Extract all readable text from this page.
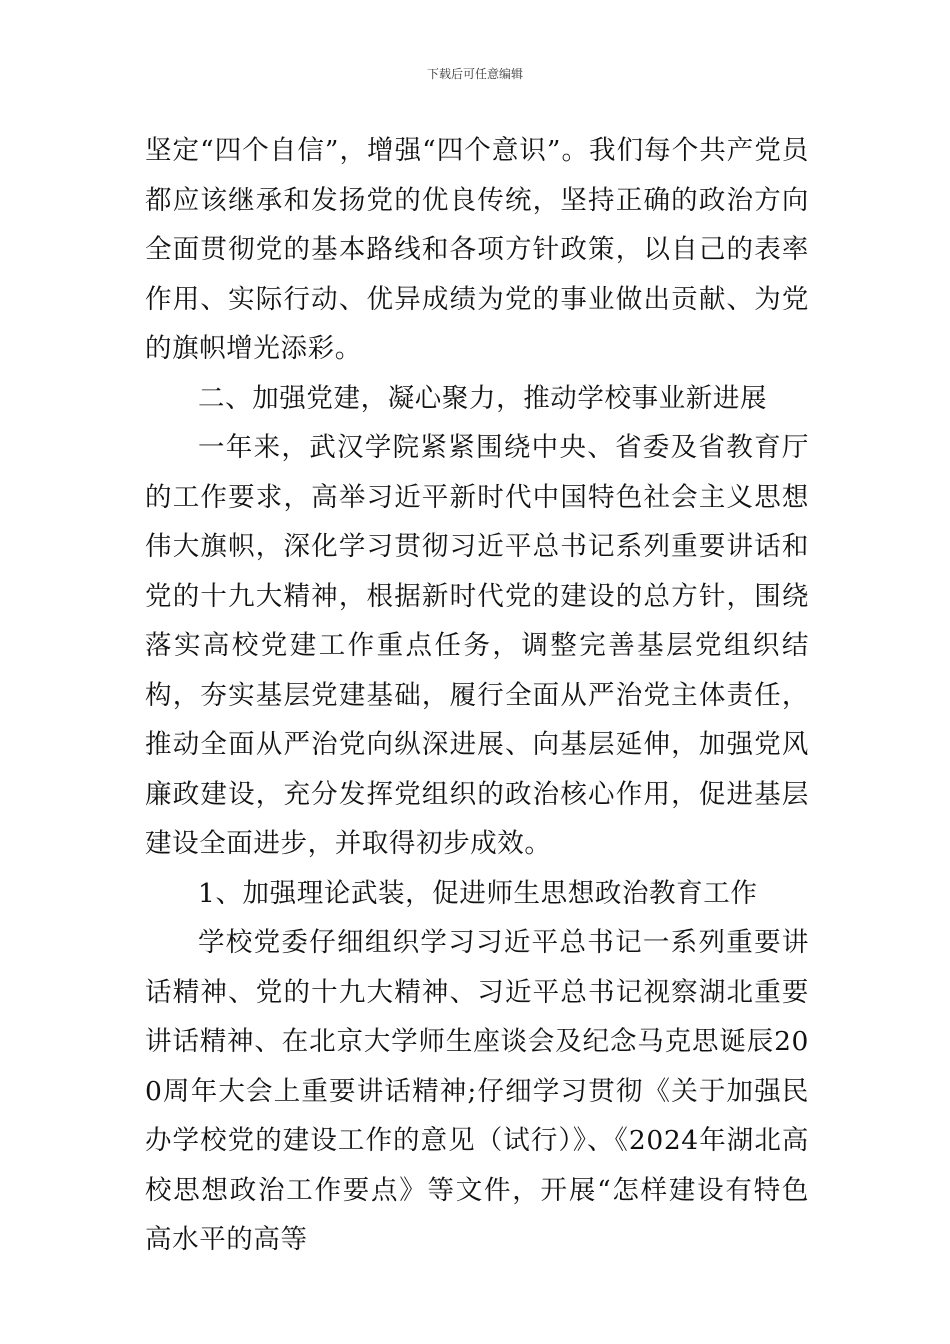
下载后可任意编辑

坚定“四个自信”，增强“四个意识”。我们每个共产党员都应该继承和发扬党的优良传统，坚持正确的政治方向全面贯彻党的基本路线和各项方针政策，以自己的表率作用、实际行动、优异成绩为党的事业做出贡献、为党的旗帜增光添彩。

二、加强党建，凝心聚力，推动学校事业新进展

一年来，武汉学院紧紧围绕中央、省委及省教育厅的工作要求，高举习近平新时代中国特色社会主义思想伟大旗帜，深化学习贯彻习近平总书记系列重要讲话和党的十九大精神，根据新时代党的建设的总方针，围绕落实高校党建工作重点任务，调整完善基层党组织结构，夯实基层党建基础，履行全面从严治党主体责任，推动全面从严治党向纵深进展、向基层延伸，加强党风廉政建设，充分发挥党组织的政治核心作用，促进基层建设全面进步，并取得初步成效。

1、加强理论武装，促进师生思想政治教育工作

学校党委仔细组织学习习近平总书记一系列重要讲话精神、党的十九大精神、习近平总书记视察湖北重要讲话精神、在北京大学师生座谈会及纪念马克思诞辰200周年大会上重要讲话精神;仔细学习贯彻《关于加强民办学校党的建设工作的意见（试行）》、《2024年湖北高校思想政治工作要点》等文件，开展“怎样建设有特色高水平的高等
